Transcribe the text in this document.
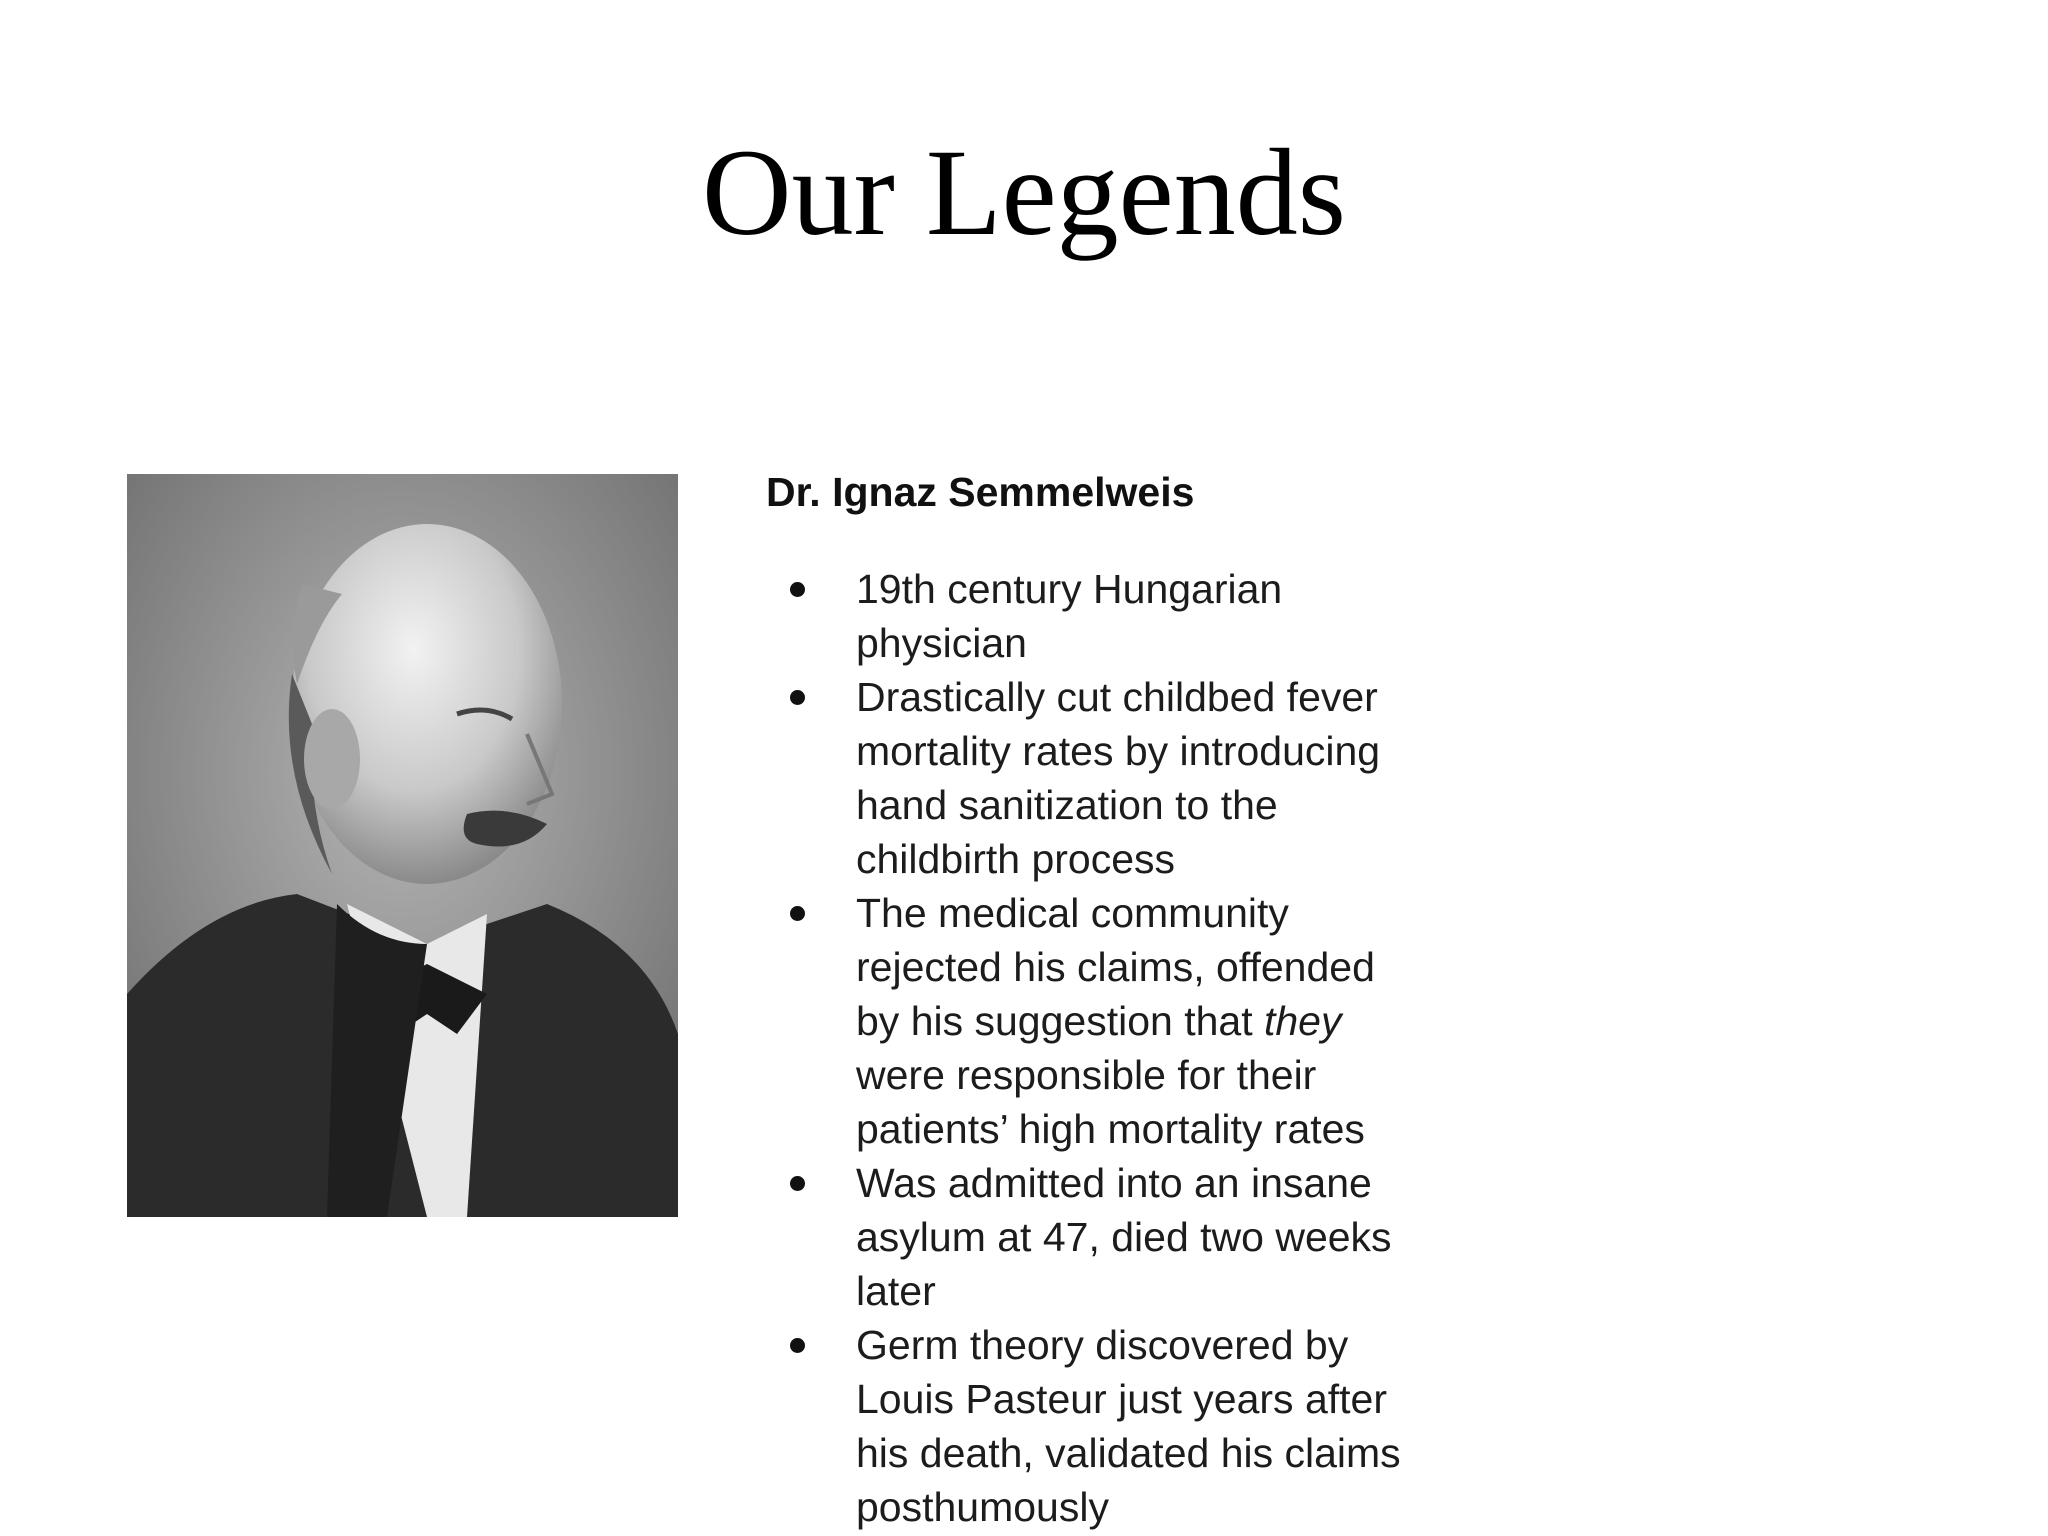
Our Legends
Dr. Ignaz Semmelweis
19th century Hungarian physician
Drastically cut childbed fever mortality rates by introducing hand sanitization to the childbirth process
The medical community rejected his claims, offended by his suggestion that they were responsible for their patients’ high mortality rates
Was admitted into an insane asylum at 47, died two weeks later
Germ theory discovered by Louis Pasteur just years after his death, validated his claims posthumously
